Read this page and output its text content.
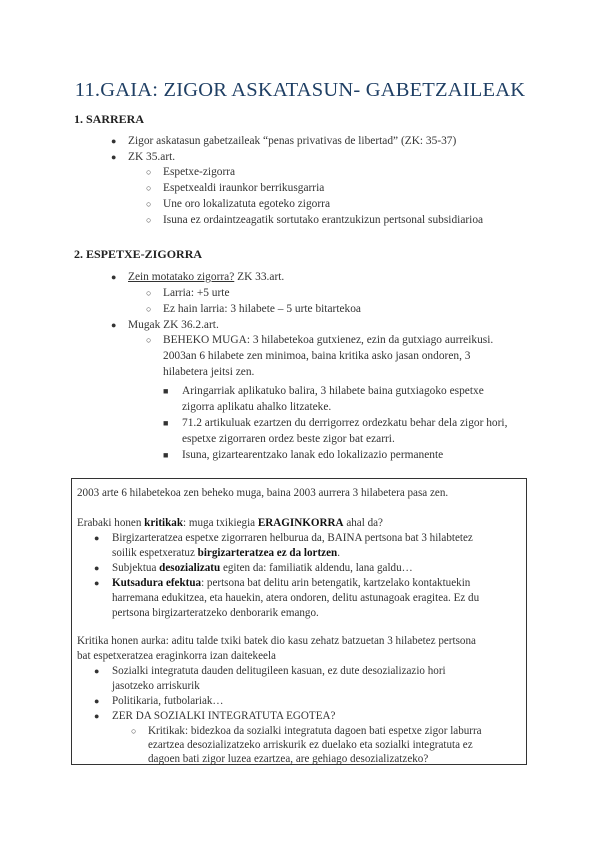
11.GAIA: ZIGOR ASKATASUN- GABETZAILEAK
1. SARRERA
● Zigor askatasun gabetzaileak “penas privativas de libertad” (ZK: 35-37)
● ZK 35.art.
○ Espetxe-zigorra
○ Espetxealdi iraunkor berrikusgarria
○ Une oro lokalizatuta egoteko zigorra
○ Isuna ez ordaintzeagatik sortutako erantzukizun pertsonal subsidiarioa
2. ESPETXE-ZIGORRA
● Zein motatako zigorra? ZK 33.art.
○ Larria: +5 urte
○ Ez hain larria: 3 hilabete – 5 urte bitartekoa
● Mugak ZK 36.2.art.
○ BEHEKO MUGA: 3 hilabetekoa gutxienez, ezin da gutxiago aurreikusi.
2003an 6 hilabete zen minimoa, baina kritika asko jasan ondoren, 3
hilabetera jeitsi zen.
■ Aringarriak aplikatuko balira, 3 hilabete baina gutxiagoko espetxe
zigorra aplikatu ahalko litzateke.
■ 71.2 artikuluak ezartzen du derrigorrez ordezkatu behar dela zigor hori,
espetxe zigorraren ordez beste zigor bat ezarri.
■ Isuna, gizartearentzako lanak edo lokalizazio permanente
2003 arte 6 hilabetekoa zen beheko muga, baina 2003 aurrera 3 hilabetera pasa zen.
Erabaki honen kritikak: muga txikiegia ERAGINKORRA ahal da?
● Birgizarteratzea espetxe zigorraren helburua da, BAINA pertsona bat 3 hilabtetez
soilik espetxeratuz birgizarteratzea ez da lortzen.
● Subjektua desozializatu egiten da: familiatik aldendu, lana galdu…
● Kutsadura efektua: pertsona bat delitu arin betengatik, kartzelako kontaktuekin
harremana edukitzea, eta hauekin, atera ondoren, delitu astunagoak eragitea. Ez du
pertsona birgizarteratzeko denborarik emango.
Kritika honen aurka: aditu talde txiki batek dio kasu zehatz batzuetan 3 hilabetez pertsona
bat espetxeratzea eraginkorra izan daitekeela
● Sozialki integratuta dauden delitugileen kasuan, ez dute desozializazio hori
jasotzeko arriskurik
● Politikaria, futbolariak…
● ZER DA SOZIALKI INTEGRATUTA EGOTEA?
○ Kritikak: bidezkoa da sozialki integratuta dagoen bati espetxe zigor laburra
ezartzea desozializatzeko arriskurik ez duelako eta sozialki integratuta ez
dagoen bati zigor luzea ezartzea, are gehiago desozializatzeko?
